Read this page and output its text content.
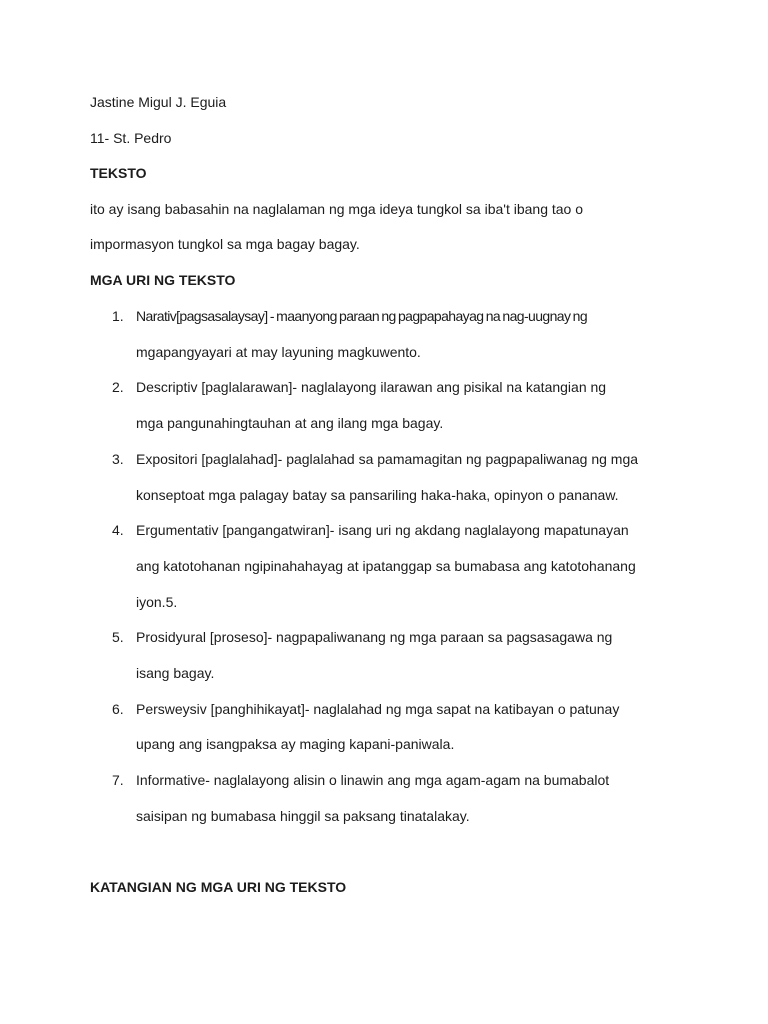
Jastine Migul J. Eguia

11- St. Pedro

TEKSTO

ito ay isang babasahin na naglalaman ng mga ideya tungkol sa iba't ibang tao o

impormasyon tungkol sa mga bagay bagay.

MGA URI NG TEKSTO

1. Narativ[pagsasalaysay] - maanyong paraan ng pagpapahayag na nag-uugnay ng

mgapangyayari at may layuning magkuwento.

2. Descriptiv [paglalarawan]- naglalayong ilarawan ang pisikal na katangian ng

mga pangunahingtauhan at ang ilang mga bagay.

3. Expositori [paglalahad]- paglalahad sa pamamagitan ng pagpapaliwanag ng mga

konseptoat mga palagay batay sa pansariling haka-haka, opinyon o pananaw.

4. Ergumentativ [pangangatwiran]- isang uri ng akdang naglalayong mapatunayan

ang katotohanan ngipinahahayag at ipatanggap sa bumabasa ang katotohanang

iyon.5.

5. Prosidyural [proseso]- nagpapaliwanang ng mga paraan sa pagsasagawa ng

isang bagay.

6. Persweysiv [panghihikayat]- naglalahad ng mga sapat na katibayan o patunay

upang ang isangpaksa ay maging kapani-paniwala.

7. Informative- naglalayong alisin o linawin ang mga agam-agam na bumabalot

saisipan ng bumabasa hinggil sa paksang tinatalakay.

KATANGIAN NG MGA URI NG TEKSTO
